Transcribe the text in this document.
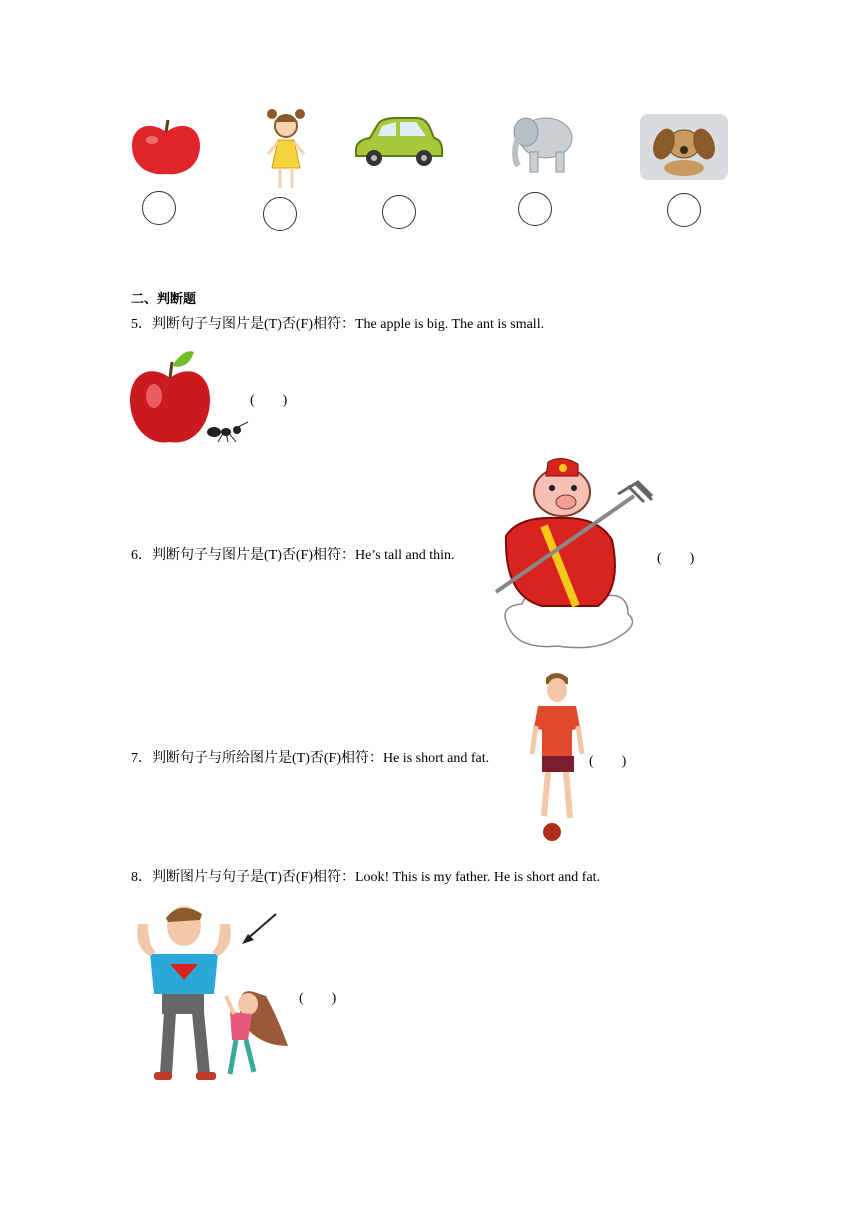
二、判断题
5．判断句子与图片是(T)否(F)相符：The apple is big. The ant is small.
(　　)
6．判断句子与图片是(T)否(F)相符：He’s tall and thin.	(　　)
7．判断句子与所给图片是(T)否(F)相符：He is short and fat.	(　　)
8．判断图片与句子是(T)否(F)相符：Look! This is my father. He is short and fat.
(　　)
